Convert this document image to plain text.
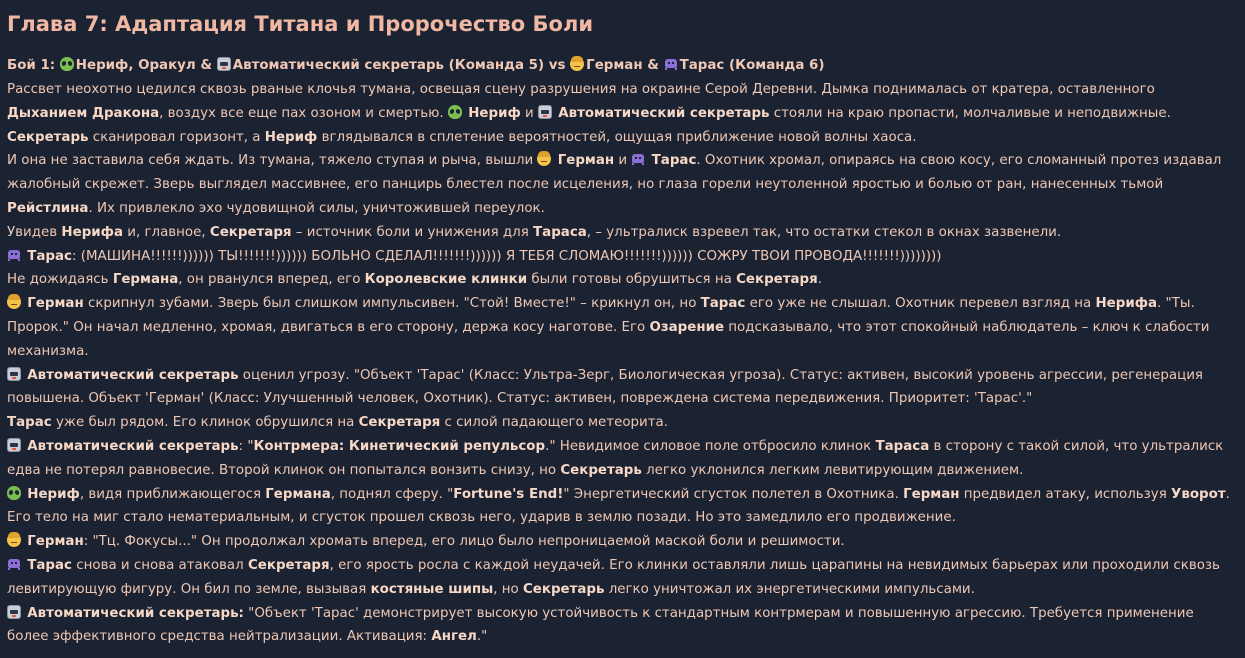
Глава 7: Адаптация Титана и Пророчество Боли

Бой 1: Нериф, Оракул & Автоматический секретарь (Команда 5) vs Герман & Тарас (Команда 6)

Рассвет неохотно цедился сквозь рваные клочья тумана, освещая сцену разрушения на окраине Серой Деревни. Дымка поднималась от кратера, оставленного Дыханием Дракона, воздух все еще пах озоном и смертью.  Нериф и  Автоматический секретарь стояли на краю пропасти, молчаливые и неподвижные. Секретарь сканировал горизонт, а Нериф вглядывался в сплетение вероятностей, ощущая приближение новой волны хаоса.

И она не заставила себя ждать. Из тумана, тяжело ступая и рыча, вышли  Герман и  Тарас. Охотник хромал, опираясь на свою косу, его сломанный протез издавал жалобный скрежет. Зверь выглядел массивнее, его панцирь блестел после исцеления, но глаза горели неутоленной яростью и болью от ран, нанесенных тьмой Рейстлина. Их привлекло эхо чудовищной силы, уничтожившей переулок.

Увидев Нерифа и, главное, Секретаря – источник боли и унижения для Тараса, – ультралиск взревел так, что остатки стекол в окнах зазвенели.

Тарас: (МАШИНА!!!!!!)))))) ТЫ!!!!!!!)))))) БОЛЬНО СДЕЛАЛ!!!!!!!)))))) Я ТЕБЯ СЛОМАЮ!!!!!!!)))))) СОЖРУ ТВОИ ПРОВОДА!!!!!!!))))))))

Не дожидаясь Германа, он рванулся вперед, его Королевские клинки были готовы обрушиться на Секретаря.

Герман скрипнул зубами. Зверь был слишком импульсивен. "Стой! Вместе!" – крикнул он, но Тарас его уже не слышал. Охотник перевел взгляд на Нерифа. "Ты. Пророк." Он начал медленно, хромая, двигаться в его сторону, держа косу наготове. Его Озарение подсказывало, что этот спокойный наблюдатель – ключ к слабости механизма.

Автоматический секретарь оценил угрозу. "Объект 'Тарас' (Класс: Ультра-Зерг, Биологическая угроза). Статус: активен, высокий уровень агрессии, регенерация повышена. Объект 'Герман' (Класс: Улучшенный человек, Охотник). Статус: активен, повреждена система передвижения. Приоритет: 'Тарас'."

Тарас уже был рядом. Его клинок обрушился на Секретаря с силой падающего метеорита.

Автоматический секретарь: "Контрмера: Кинетический репульсор." Невидимое силовое поле отбросило клинок Тараса в сторону с такой силой, что ультралиск едва не потерял равновесие. Второй клинок он попытался вонзить снизу, но Секретарь легко уклонился легким левитирующим движением.

Нериф, видя приближающегося Германа, поднял сферу. "Fortune's End!" Энергетический сгусток полетел в Охотника. Герман предвидел атаку, используя Уворот. Его тело на миг стало нематериальным, и сгусток прошел сквозь него, ударив в землю позади. Но это замедлило его продвижение.

Герман: "Тц. Фокусы..." Он продолжал хромать вперед, его лицо было непроницаемой маской боли и решимости.

Тарас снова и снова атаковал Секретаря, его ярость росла с каждой неудачей. Его клинки оставляли лишь царапины на невидимых барьерах или проходили сквозь левитирующую фигуру. Он бил по земле, вызывая костяные шипы, но Секретарь легко уничтожал их энергетическими импульсами.

Автоматический секретарь: "Объект 'Тарас' демонстрирует высокую устойчивость к стандартным контрмерам и повышенную агрессию. Требуется применение более эффективного средства нейтрализации. Активация: Ангел."
